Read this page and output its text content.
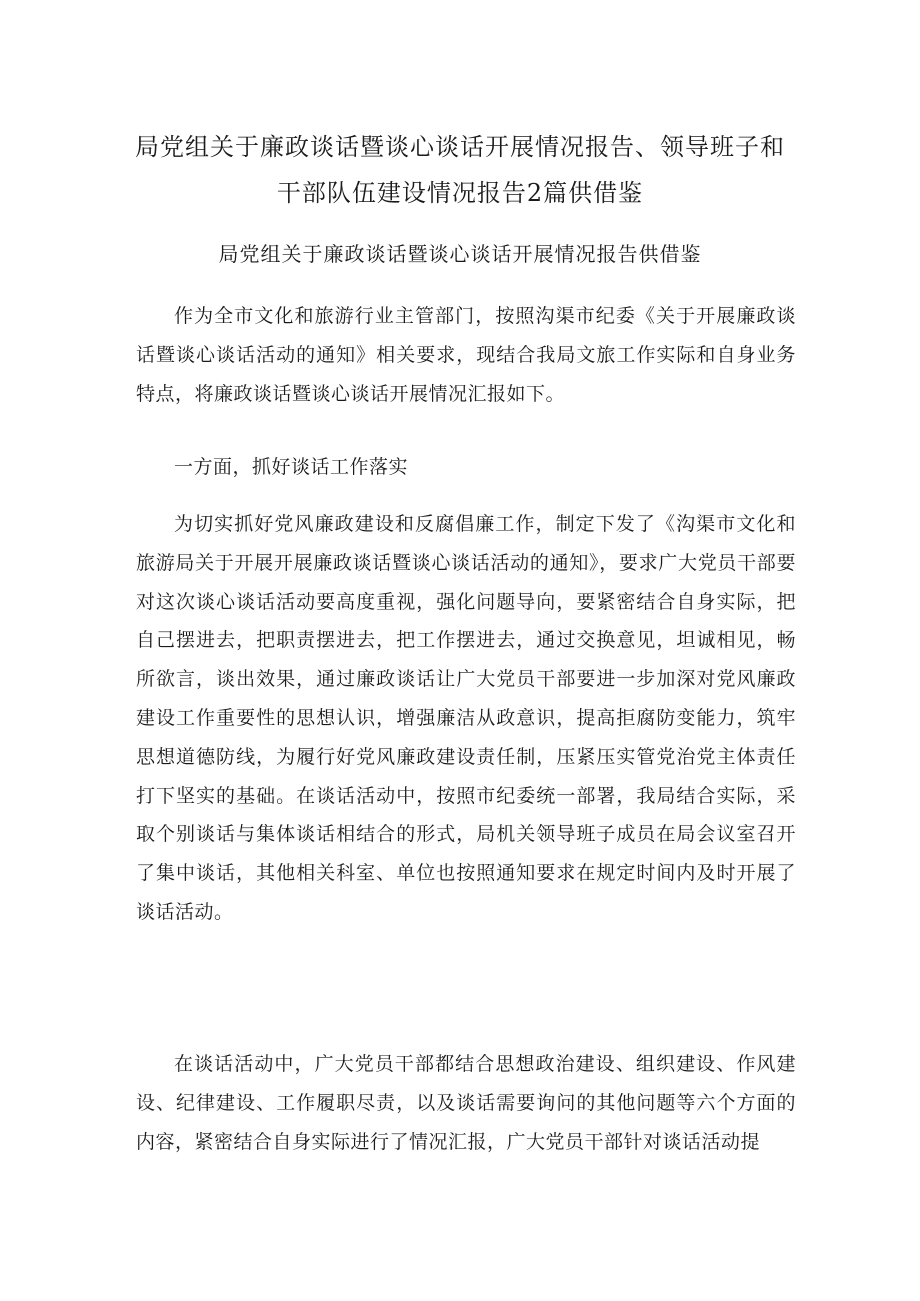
局党组关于廉政谈话暨谈心谈话开展情况报告、领导班子和
干部队伍建设情况报告2篇供借鉴
局党组关于廉政谈话暨谈心谈话开展情况报告供借鉴

作为全市文化和旅游行业主管部门，按照沟渠市纪委《关于开展廉政谈话暨谈心谈话活动的通知》相关要求，现结合我局文旅工作实际和自身业务特点，将廉政谈话暨谈心谈话开展情况汇报如下。

一方面，抓好谈话工作落实

为切实抓好党风廉政建设和反腐倡廉工作，制定下发了《沟渠市文化和旅游局关于开展开展廉政谈话暨谈心谈话活动的通知》，要求广大党员干部要对这次谈心谈话活动要高度重视，强化问题导向，要紧密结合自身实际，把自己摆进去，把职责摆进去，把工作摆进去，通过交换意见，坦诚相见，畅所欲言，谈出效果，通过廉政谈话让广大党员干部要进一步加深对党风廉政建设工作重要性的思想认识，增强廉洁从政意识，提高拒腐防变能力，筑牢思想道德防线，为履行好党风廉政建设责任制，压紧压实管党治党主体责任打下坚实的基础。在谈话活动中，按照市纪委统一部署，我局结合实际，采取个别谈话与集体谈话相结合的形式，局机关领导班子成员在局会议室召开了集中谈话，其他相关科室、单位也按照通知要求在规定时间内及时开展了谈话活动。

在谈话活动中，广大党员干部都结合思想政治建设、组织建设、作风建设、纪律建设、工作履职尽责，以及谈话需要询问的其他问题等六个方面的内容，紧密结合自身实际进行了情况汇报，广大党员干部针对谈话活动提
